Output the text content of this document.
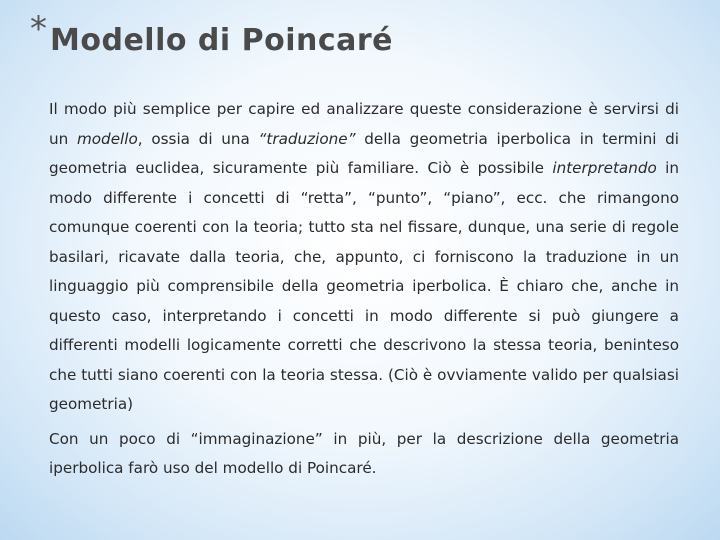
* Modello di Poincaré

Il modo più semplice per capire ed analizzare queste considerazione è servirsi di un modello, ossia di una “traduzione” della geometria iperbolica in termini di geometria euclidea, sicuramente più familiare. Ciò è possibile interpretando in modo differente i concetti di “retta”, “punto”, “piano”, ecc. che rimangono comunque coerenti con la teoria; tutto sta nel fissare, dunque, una serie di regole basilari, ricavate dalla teoria, che, appunto, ci forniscono la traduzione in un linguaggio più comprensibile della geometria iperbolica. È chiaro che, anche in questo caso, interpretando i concetti in modo differente si può giungere a differenti modelli logicamente corretti che descrivono la stessa teoria, beninteso che tutti siano coerenti con la teoria stessa. (Ciò è ovviamente valido per qualsiasi geometria)

Con un poco di “immaginazione” in più, per la descrizione della geometria iperbolica farò uso del modello di Poincaré.
